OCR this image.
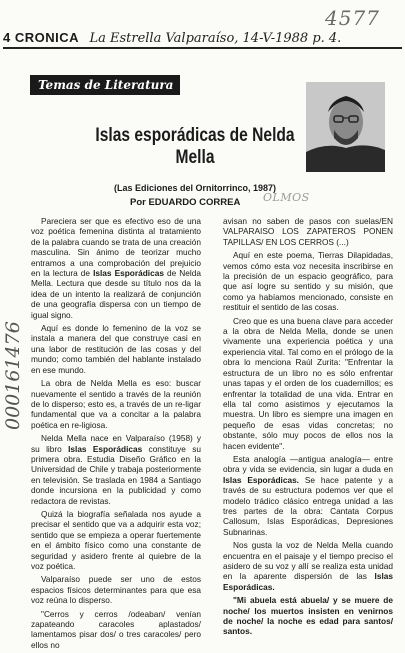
4577
4 CRONICA La Estrella Valparaíso, 14-V-1988 p. 4.
Temas de Literatura
Islas esporádicas de Nelda Mella
(Las Ediciones del Ornitorrinco, 1987)
Por EDUARDO CORREA OLMOS
000161476

Pareciera ser que es efectivo eso de una voz poética femenina distinta al tratamiento de la palabra cuando se trata de una creación masculina. Sin ánimo de teorizar mucho entramos a una comprobación del prejuicio en la lectura de Islas Esporádicas de Nelda Mella. Lectura que desde su título nos da la idea de un intento la realizará de conjunción de una geografía dispersa con un tiempo de igual signo.

Aquí es donde lo femenino de la voz se instala a manera del que construye casi en una labor de restitución de las cosas y del mundo; como también del hablante instalado en ese mundo.

La obra de Nelda Mella es eso: buscar nuevamente el sentido a través de la reunión de lo disperso; esto es, a través de un re-ligar fundamental que va a concitar a la palabra poética en re-ligiosa.

Nelda Mella nace en Valparaíso (1958) y su libro Islas Esporádicas constituye su primera obra. Estudia Diseño Gráfico en la Universidad de Chile y trabaja posteriormente en televisión. Se traslada en 1984 a Santiago donde incursiona en la publicidad y como redactora de revistas.

Quizá la biografía señalada nos ayude a precisar el sentido que va a adquirir esta voz; sentido que se empieza a operar fuertemente en el ámbito físico como una constante de seguridad y asidero frente al quiebre de la voz poética.

Valparaíso puede ser uno de estos espacios físicos determinantes para que esa voz reúna lo disperso.

"Cerros y cerros /odeaban/ venían zapateando caracoles aplastados/ lamentamos pisar dos/ o tres caracoles/ pero ellos no

avisan no saben de pasos con suelas/EN VALPARAISO LOS ZAPATEROS PONEN TAPILLAS/ EN LOS CERROS (...)

Aquí en este poema, Tierras Dilapidadas, vemos cómo esta voz necesita inscribirse en la precisión de un espacio geográfico, para que así logre su sentido y su misión, que como ya habíamos mencionado, consiste en restituir el sentido de las cosas.

Creo que es una buena clave para acceder a la obra de Nelda Mella, donde se unen vivamente una experiencia poética y una experiencia vital. Tal como en el prólogo de la obra lo menciona Raúl Zurita: "Enfrentar la estructura de un libro no es sólo enfrentar unas tapas y el orden de los cuadernillos; es enfrentar la totalidad de una vida. Entrar en ella tal como asistimos y ejecutamos la muestra. Un libro es siempre una imagen en pequeño de esas vidas concretas; no obstante, sólo muy pocos de ellos nos la hacen evidente".

Esta analogía —antigua analogía— entre obra y vida se evidencia, sin lugar a duda en Islas Esporádicas. Se hace patente y a través de su estructura podemos ver que el modelo trádico clásico entrega unidad a las tres partes de la obra: Cantata Corpus Callosum, Islas Esporádicas, Depresiones Subnarinas.

Nos gusta la voz de Nelda Mella cuando encuentra en el paisaje y el tiempo preciso el asidero de su voz y allí se realiza esta unidad en la aparente dispersión de las Islas Esporádicas.

"Mi abuela está abuela/ y se muere de noche/ los muertos insisten en venirnos de noche/ la noche es edad para santos/ santos.
